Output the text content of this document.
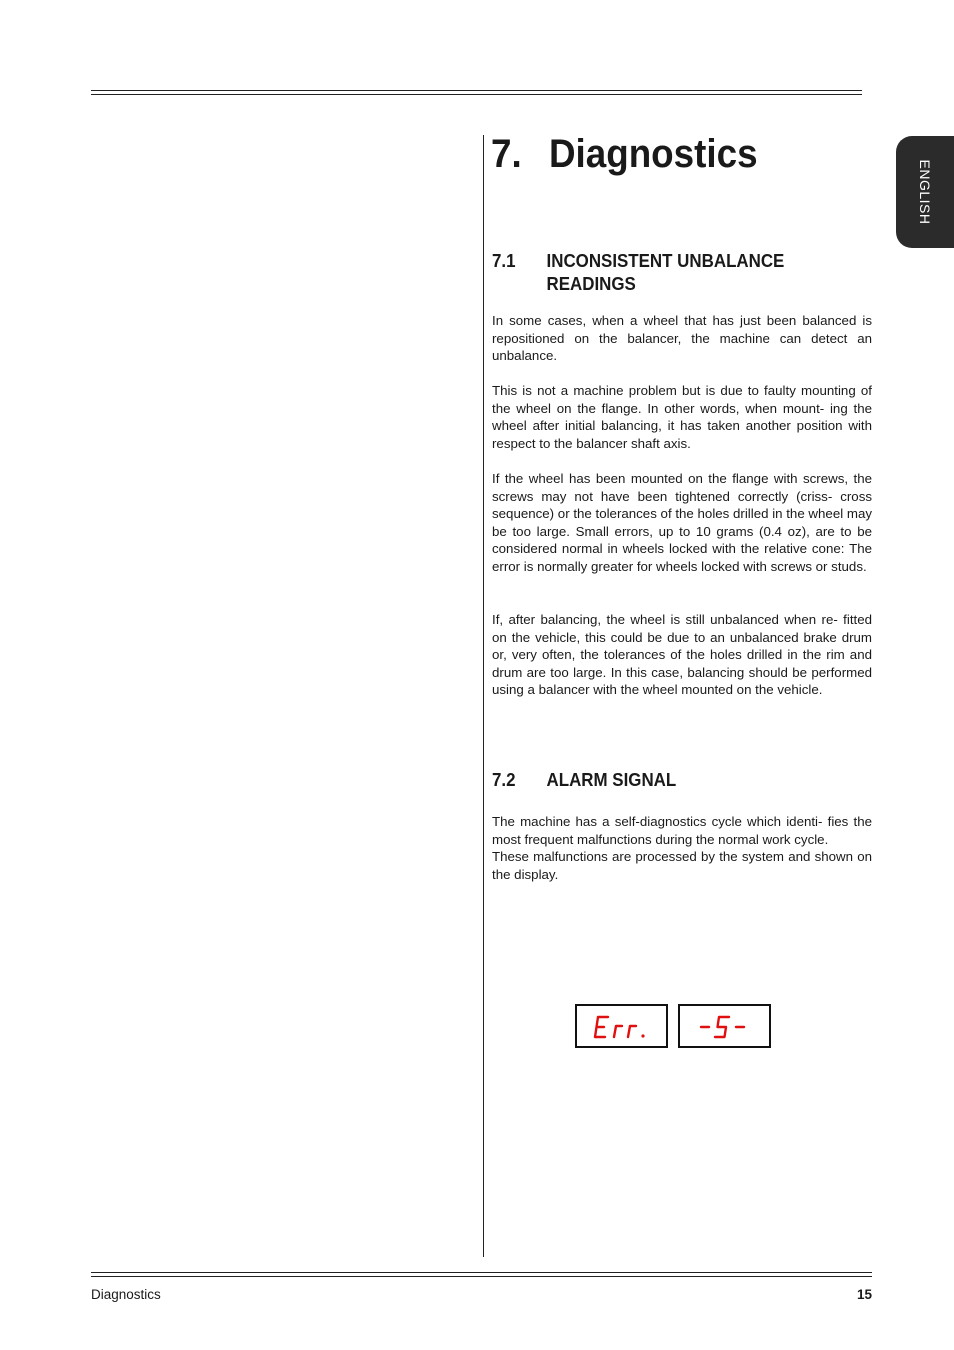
ENGLISH
7. Diagnostics
7.1 INCONSISTENT UNBALANCE READINGS

In some cases, when a wheel that has just been balanced is repositioned on the balancer, the machine can detect an unbalance.

This is not a machine problem but is due to faulty mounting of the wheel on the flange. In other words, when mount- ing the wheel after initial balancing, it has taken another position with respect to the balancer shaft axis.

If the wheel has been mounted on the flange with screws, the screws may not have been tightened correctly (criss- cross sequence) or the tolerances of the holes drilled in the wheel may be too large. Small errors, up to 10 grams (0.4 oz), are to be considered normal in wheels locked with the relative cone: The error is normally greater for wheels locked with screws or studs.

If, after balancing, the wheel is still unbalanced when re- fitted on the vehicle, this could be due to an unbalanced brake drum or, very often, the tolerances of the holes drilled in the rim and drum are too large. In this case, balancing should be performed using a balancer with the wheel mounted on the vehicle.

7.2 ALARM SIGNAL

The machine has a self-diagnostics cycle which identi- fies the most frequent malfunctions during the normal work cycle.
These malfunctions are processed by the system and shown on the display.

Err.	-5-
Diagnostics	15
